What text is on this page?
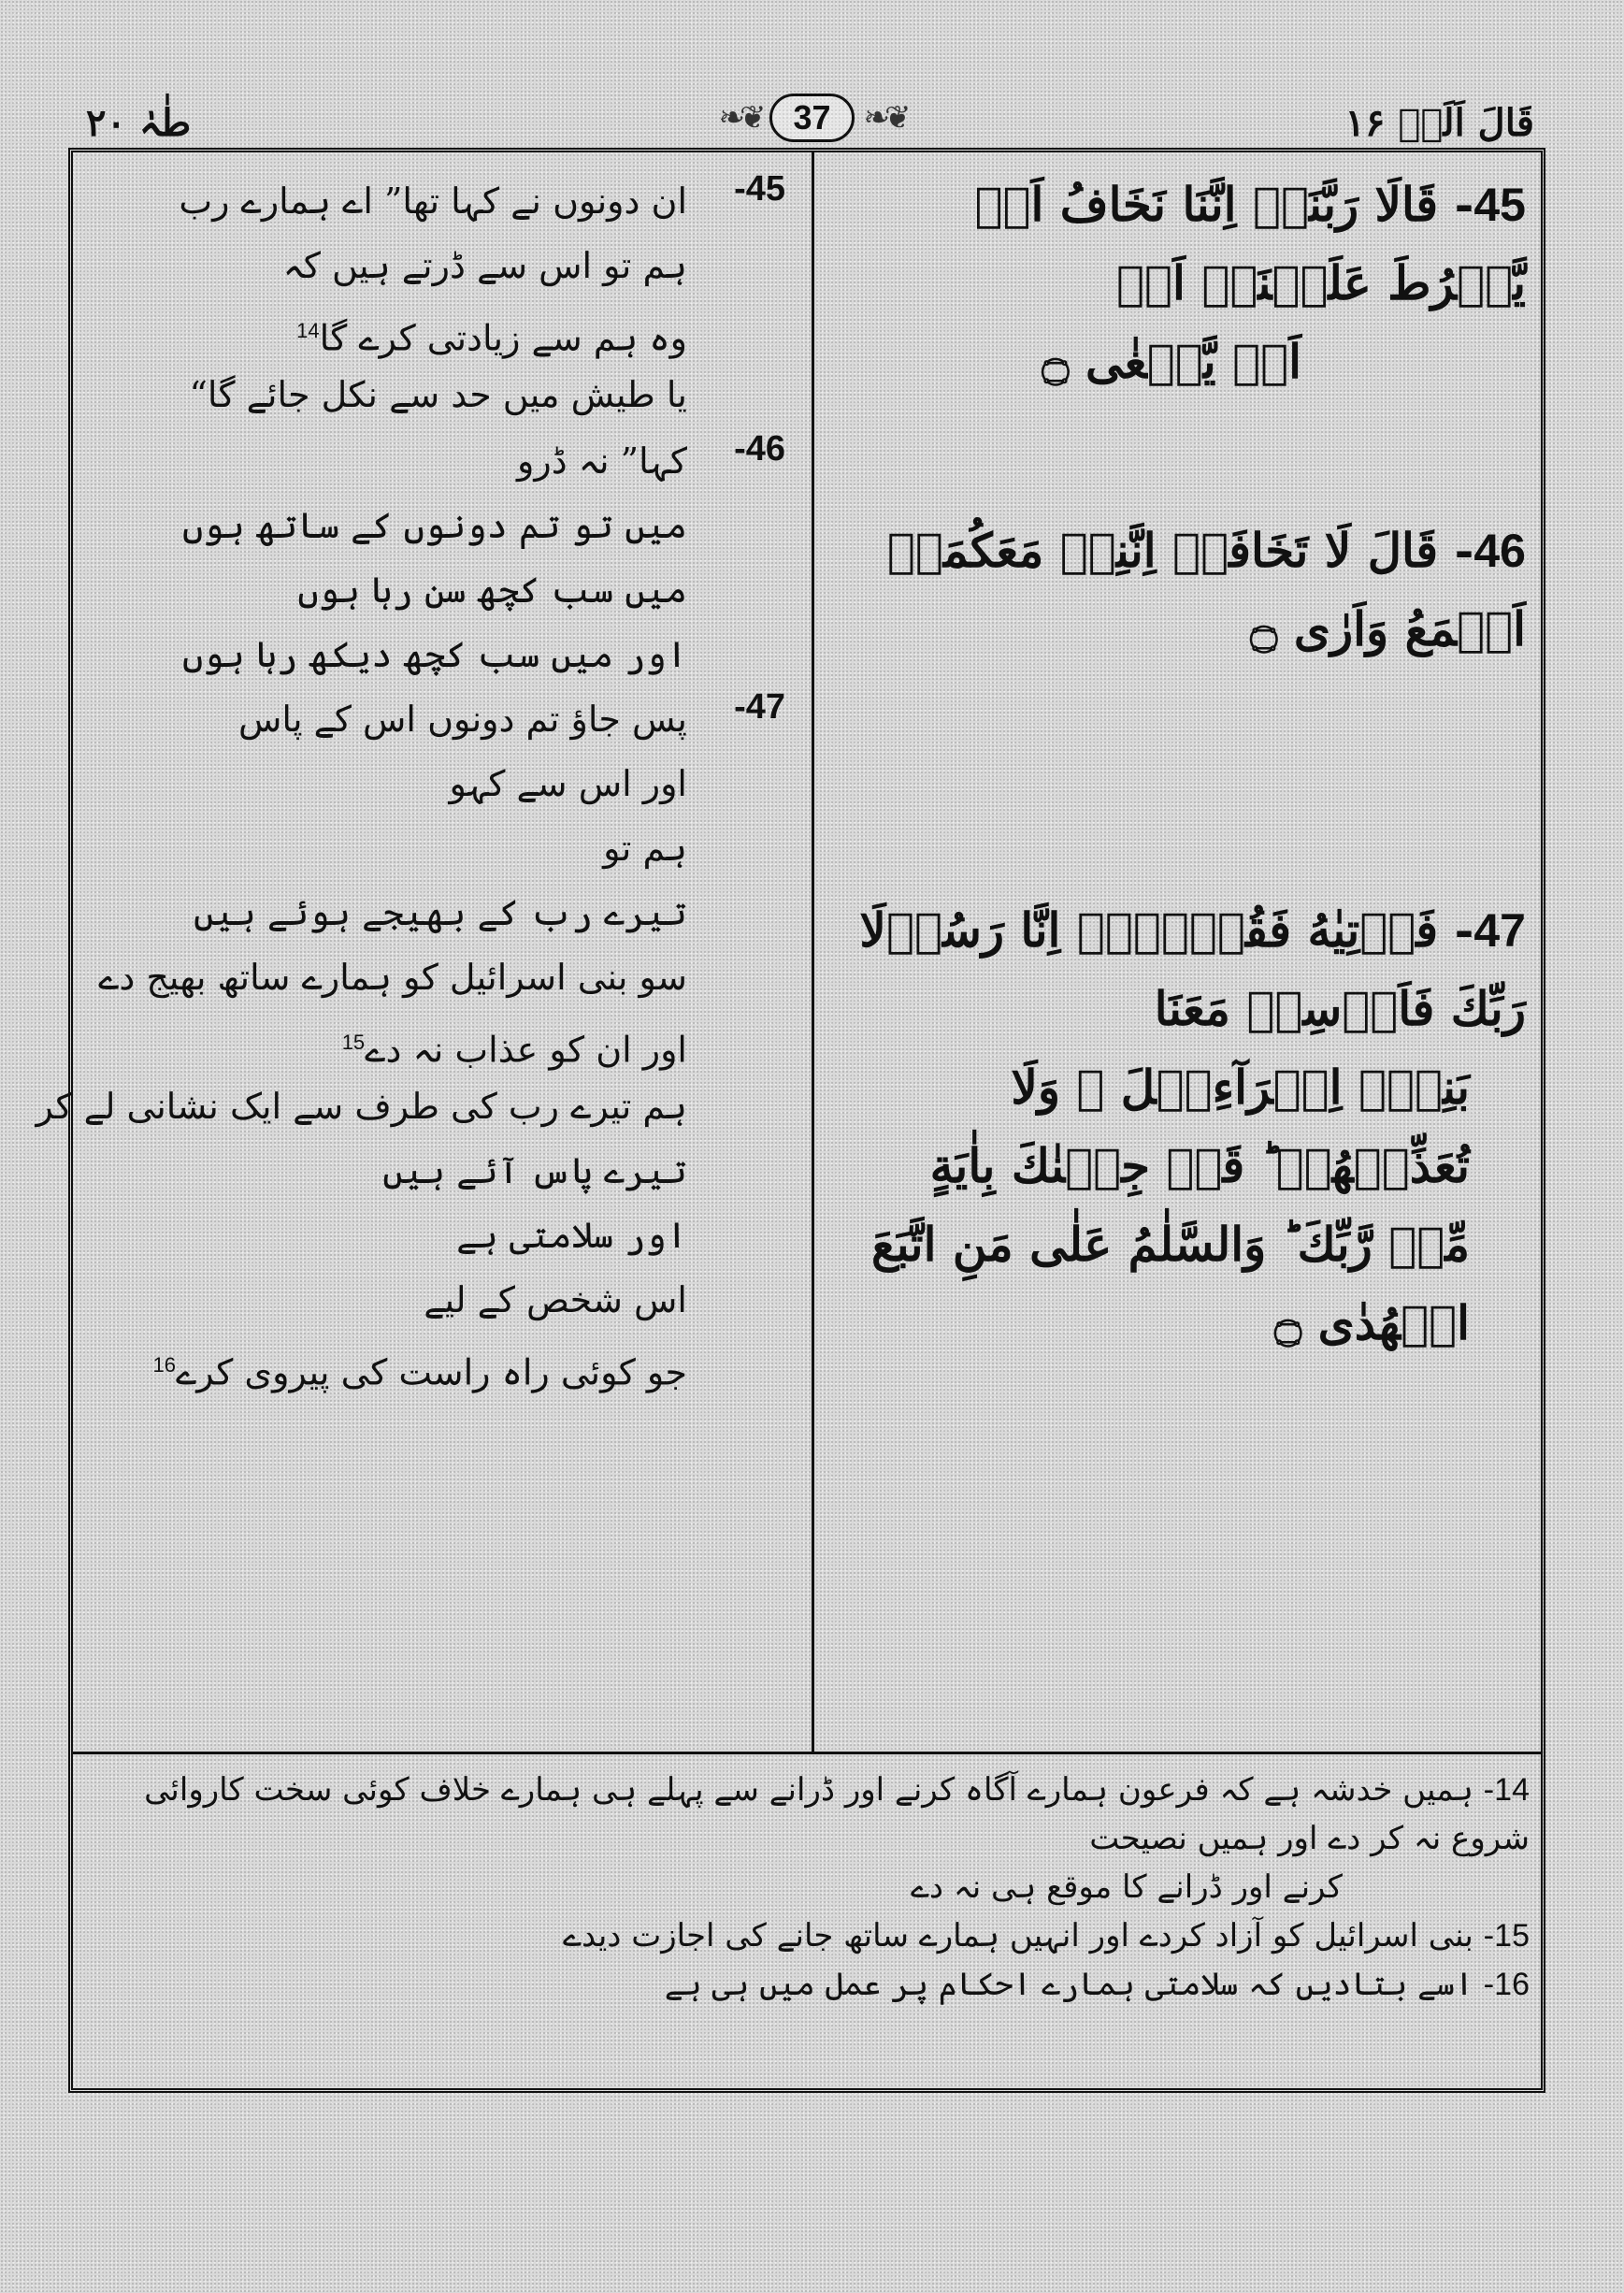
قَالَ اَلَمۡ ۱۶
❧❦ 37	❧❦
طٰہٰ ۲۰
45- قَالَا رَبَّنَاۤ اِنَّنَا نَخَافُ اَنۡ يَّفۡرُطَ عَلَيۡنَاۤ اَوۡ
اَنۡ يَّطۡغٰى ۝
45-
ان دونوں نے کہا تھا” اے ہمارے رب
ہم تو اس سے ڈرتے ہیں کہ
وہ ہم سے زیادتی کرے گا$^{14}$
یا طیش میں حد سے نکل جائے گا“
46- قَالَ لَا تَخَافَاۤ اِنَّنِىۡ مَعَكُمَاۤ اَسۡمَعُ وَاَرٰى ۝
46-
کہا” نہ ڈرو
میں تو تم دونوں کے ساتھ ہوں
میں سب کچھ سن رہا ہوں
اور میں سب کچھ دیکھ رہا ہوں
47- فَاۡتِيٰهُ فَقُوۡلَاۤ اِنَّا رَسُوۡلَا رَبِّكَ فَاَرۡسِلۡ مَعَنَا
بَنِىۡۤ اِسۡرَآءِيۡلَ ۙ وَلَا تُعَذِّبۡهُمۡ ؕ قَدۡ جِئۡنٰكَ بِاٰيَةٍ
مِّنۡ رَّبِّكَ ؕ وَالسَّلٰمُ عَلٰى مَنِ اتَّبَعَ الۡهُدٰى ۝
47-
پس جاؤ تم دونوں اس کے پاس
اور اس سے کہو
ہم تو
تیرے رب کے بھیجے ہوئے ہیں
سو بنی اسرائیل کو ہمارے ساتھ بھیج دے
اور ان کو عذاب نہ دے$^{15}$
ہم تیرے رب کی طرف سے ایک نشانی لے کر
تیرے پاس آئے ہیں
اور سلامتی ہے
اس شخص کے لیے
جو کوئی راہ راست کی پیروی کرے$^{16}$
14- ہمیں خدشہ ہے کہ فرعون ہمارے آگاہ کرنے اور ڈرانے سے پہلے ہی ہمارے خلاف کوئی سخت کاروائی شروع نہ کر دے اور ہمیں نصیحت
کرنے اور ڈرانے کا موقع ہی نہ دے
15- بنی اسرائیل کو آزاد کردے اور انہیں ہمارے ساتھ جانے کی اجازت دیدے
16- اسے بتادیں کہ سلامتی ہمارے احکام پر عمل میں ہی ہے
